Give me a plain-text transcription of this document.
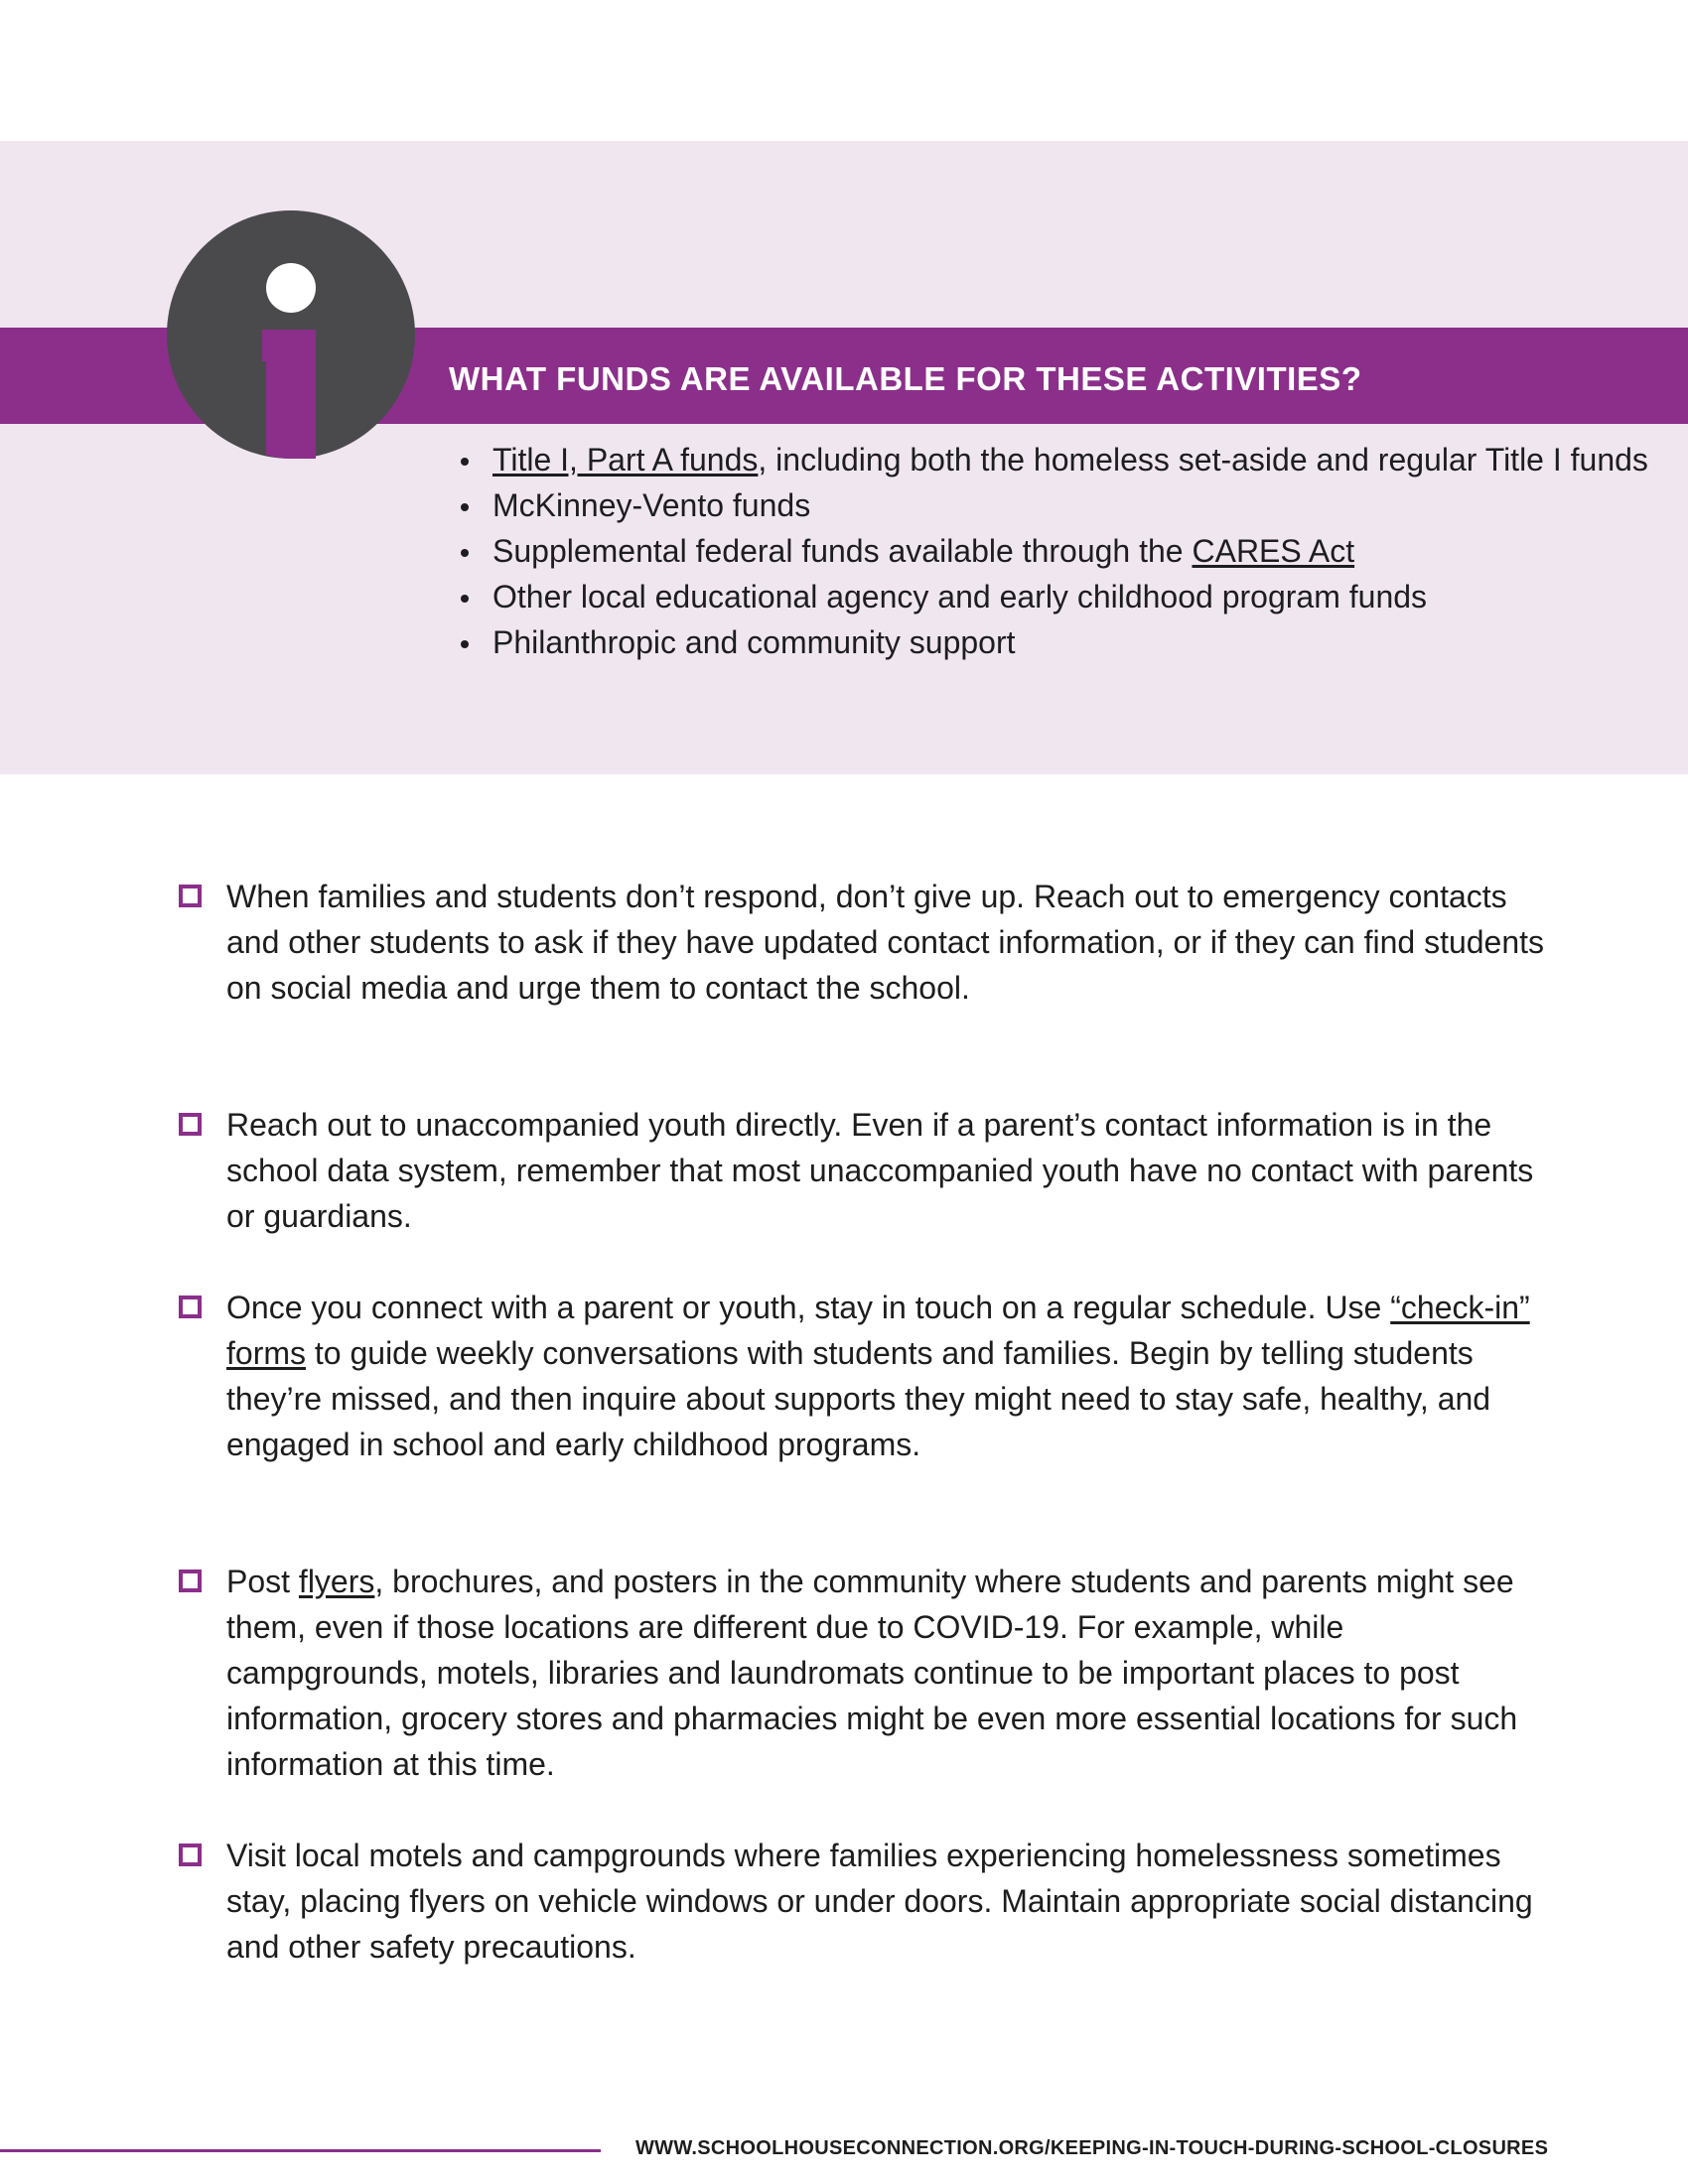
WHAT FUNDS ARE AVAILABLE FOR THESE ACTIVITIES?
Title I, Part A funds, including both the homeless set-aside and regular Title I funds
McKinney-Vento funds
Supplemental federal funds available through the CARES Act
Other local educational agency and early childhood program funds
Philanthropic and community support
When families and students don’t respond, don’t give up. Reach out to emergency contacts and other students to ask if they have updated contact information, or if they can find students on social media and urge them to contact the school.
Reach out to unaccompanied youth directly. Even if a parent’s contact information is in the school data system, remember that most unaccompanied youth have no contact with parents or guardians.
Once you connect with a parent or youth, stay in touch on a regular schedule. Use “check-in” forms to guide weekly conversations with students and families. Begin by telling students they’re missed, and then inquire about supports they might need to stay safe, healthy, and engaged in school and early childhood programs.
Post flyers, brochures, and posters in the community where students and parents might see them, even if those locations are different due to COVID-19. For example, while campgrounds, motels, libraries and laundromats continue to be important places to post information, grocery stores and pharmacies might be even more essential locations for such information at this time.
Visit local motels and campgrounds where families experiencing homelessness sometimes stay, placing flyers on vehicle windows or under doors. Maintain appropriate social distancing and other safety precautions.
WWW.SCHOOLHOUSECONNECTION.ORG/KEEPING-IN-TOUCH-DURING-SCHOOL-CLOSURES
